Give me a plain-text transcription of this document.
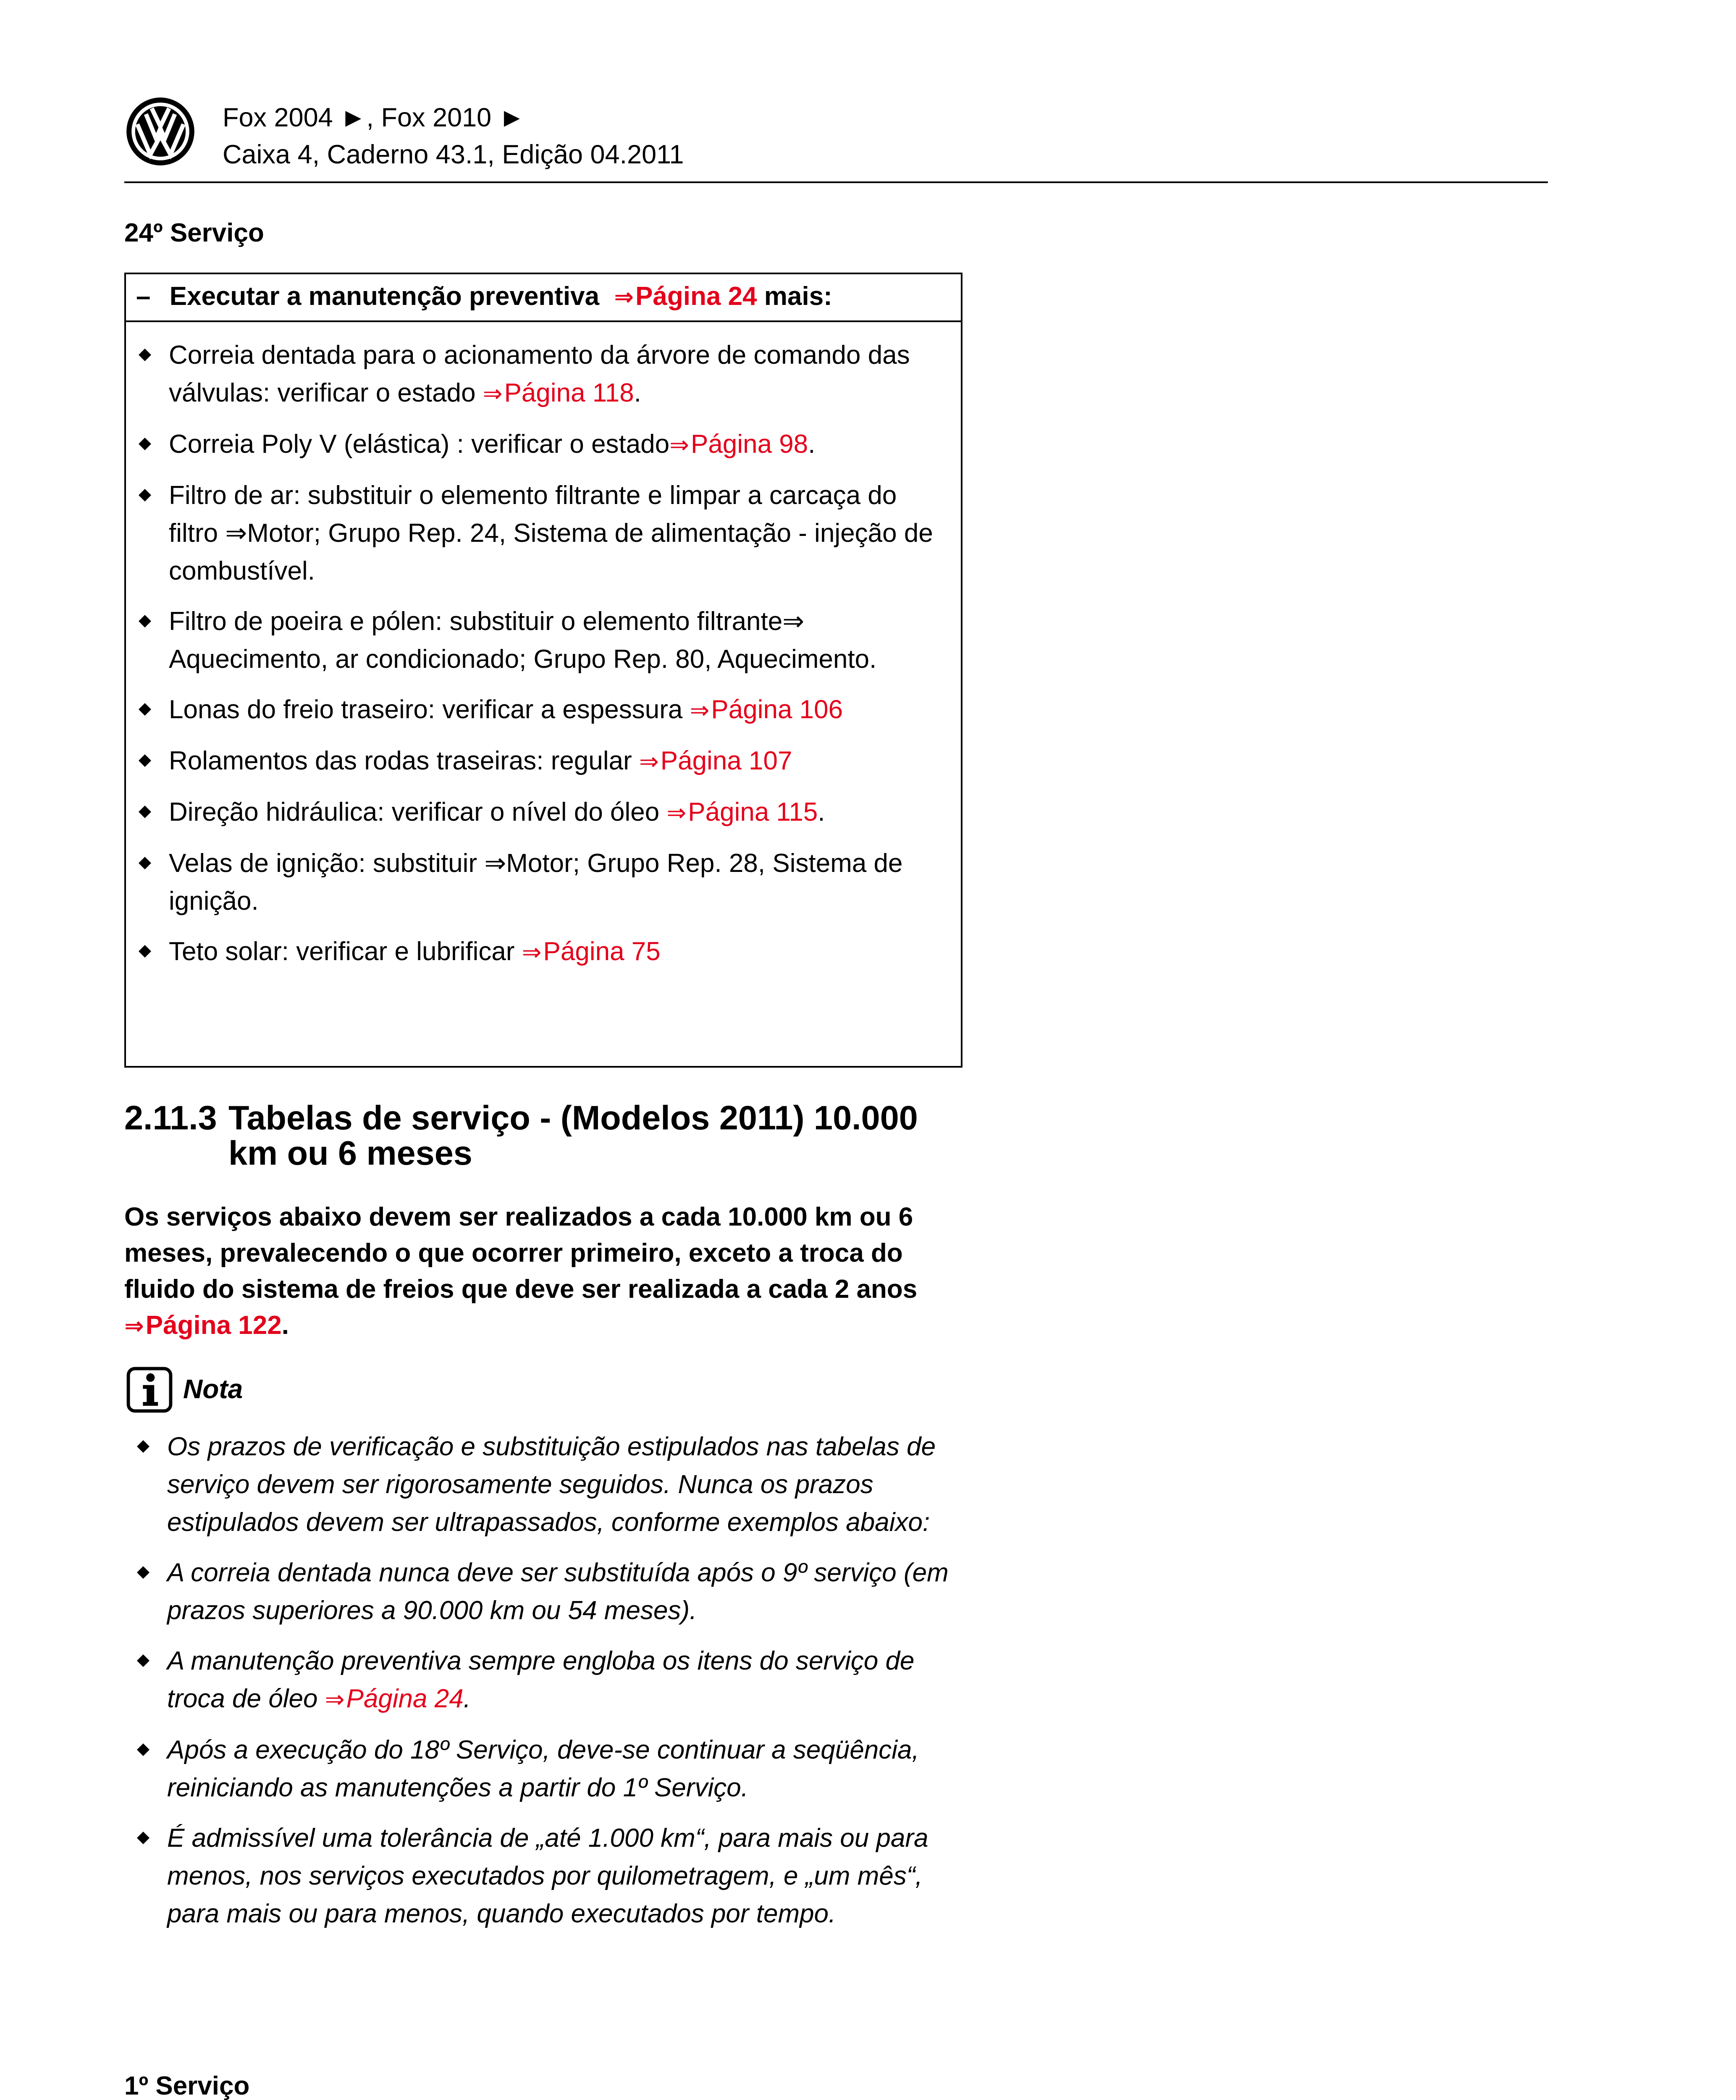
Fox 2004 ►, Fox 2010 ►
Caixa 4, Caderno 43.1, Edição 04.2011
24º Serviço
– Executar a manutenção preventiva ⇒Página 24 mais:
Correia dentada para o acionamento da árvore de comando das válvulas: verificar o estado ⇒Página 118.
Correia Poly V (elástica) : verificar o estado⇒Página 98.
Filtro de ar: substituir o elemento filtrante e limpar a carcaça do filtro ⇒Motor; Grupo Rep. 24, Sistema de alimentação - injeção de combustível.
Filtro de poeira e pólen: substituir o elemento filtrante⇒ Aquecimento, ar condicionado; Grupo Rep. 80, Aquecimento.
Lonas do freio traseiro: verificar a espessura ⇒Página 106
Rolamentos das rodas traseiras: regular ⇒Página 107
Direção hidráulica: verificar o nível do óleo ⇒Página 115.
Velas de ignição: substituir ⇒Motor; Grupo Rep. 28, Sistema de ignição.
Teto solar: verificar e lubrificar ⇒Página 75
2.11.3 Tabelas de serviço - (Modelos 2011) 10.000
km ou 6 meses
Os serviços abaixo devem ser realizados a cada 10.000 km ou 6 meses, prevalecendo o que ocorrer primeiro, exceto a troca do fluido do sistema de freios que deve ser realizada a cada 2 anos ⇒Página 122.
Nota
Os prazos de verificação e substituição estipulados nas tabelas de serviço devem ser rigorosamente seguidos. Nunca os prazos estipulados devem ser ultrapassados, conforme exemplos abaixo:
A correia dentada nunca deve ser substituída após o 9º serviço (em prazos superiores a 90.000 km ou 54 meses).
A manutenção preventiva sempre engloba os itens do serviço de troca de óleo ⇒Página 24.
Após a execução do 18º Serviço, deve-se continuar a seqüência, reiniciando as manutenções a partir do 1º Serviço.
É admissível uma tolerância de „até 1.000 km“, para mais ou para menos, nos serviços executados por quilometragem, e „um mês“, para mais ou para menos, quando executados por tempo.
1º Serviço
